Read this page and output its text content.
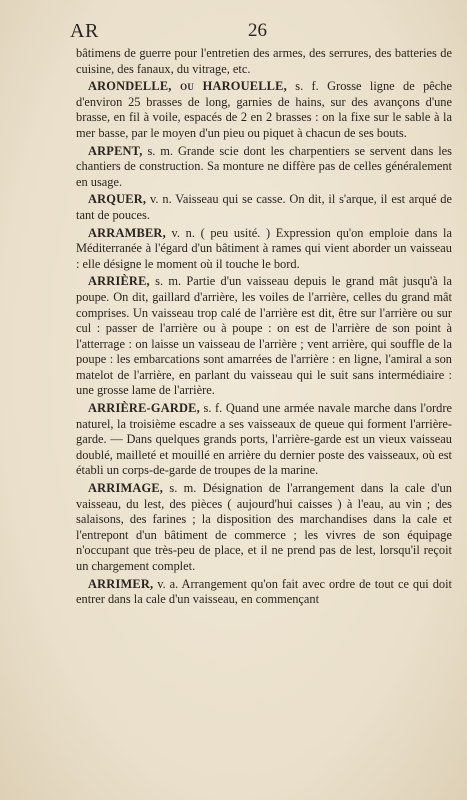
AR	26

bâtimens de guerre pour l'entretien des armes, des serrures, des batteries de cuisine, des fanaux, du vitrage, etc.

ARONDELLE, ou HAROUELLE, s. f. Grosse ligne de pêche d'environ 25 brasses de long, garnies de hains, sur des avançons d'une brasse, en fil à voile, espacés de 2 en 2 brasses : on la fixe sur le sable à la mer basse, par le moyen d'un pieu ou piquet à chacun de ses bouts.

ARPENT, s. m. Grande scie dont les charpentiers se servent dans les chantiers de construction. Sa monture ne diffère pas de celles généralement en usage.

ARQUER, v. n. Vaisseau qui se casse. On dit, il s'arque, il est arqué de tant de pouces.

ARRAMBER, v. n. ( peu usité. ) Expression qu'on emploie dans la Méditerranée à l'égard d'un bâtiment à rames qui vient aborder un vaisseau : elle désigne le moment où il touche le bord.

ARRIÈRE, s. m. Partie d'un vaisseau depuis le grand mât jusqu'à la poupe. On dit, gaillard d'arrière, les voiles de l'arrière, celles du grand mât comprises. Un vaisseau trop calé de l'arrière est dit, être sur l'arrière ou sur cul : passer de l'arrière ou à poupe : on est de l'arrière de son point à l'atterrage : on laisse un vaisseau de l'arrière ; vent arrière, qui souffle de la poupe : les embarcations sont amarrées de l'arrière : en ligne, l'amiral a son matelot de l'arrière, en parlant du vaisseau qui le suit sans intermédiaire : une grosse lame de l'arrière.

ARRIÈRE-GARDE, s. f. Quand une armée navale marche dans l'ordre naturel, la troisième escadre a ses vaisseaux de queue qui forment l'arrière-garde. — Dans quelques grands ports, l'arrière-garde est un vieux vaisseau doublé, mailleté et mouillé en arrière du dernier poste des vaisseaux, où est établi un corps-de-garde de troupes de la marine.

ARRIMAGE, s. m. Désignation de l'arrangement dans la cale d'un vaisseau, du lest, des pièces ( aujourd'hui caisses ) à l'eau, au vin ; des salaisons, des farines ; la disposition des marchandises dans la cale et l'entrepont d'un bâtiment de commerce ; les vivres de son équipage n'occupant que très-peu de place, et il ne prend pas de lest, lorsqu'il reçoit un chargement complet.

ARRIMER, v. a. Arrangement qu'on fait avec ordre de tout ce qui doit entrer dans la cale d'un vaisseau, en commençant
